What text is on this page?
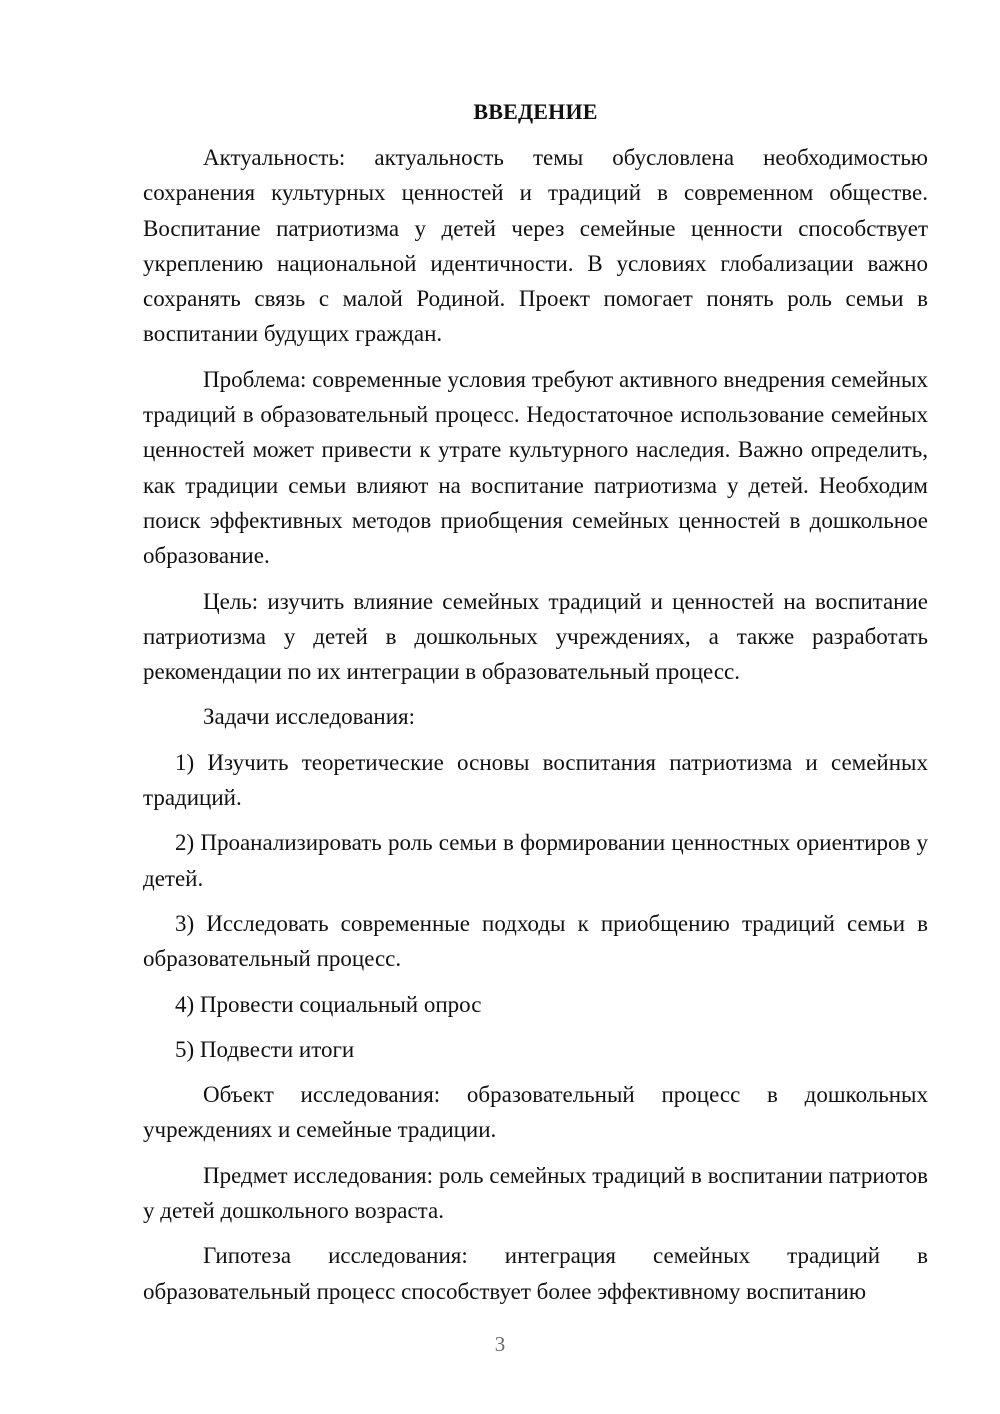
ВВЕДЕНИЕ

Актуальность: актуальность темы обусловлена необходимостью сохранения культурных ценностей и традиций в современном обществе. Воспитание патриотизма у детей через семейные ценности способствует укреплению национальной идентичности. В условиях глобализации важно сохранять связь с малой Родиной. Проект помогает понять роль семьи в воспитании будущих граждан.

Проблема: современные условия требуют активного внедрения семейных традиций в образовательный процесс. Недостаточное использование семейных ценностей может привести к утрате культурного наследия. Важно определить, как традиции семьи влияют на воспитание патриотизма у детей. Необходим поиск эффективных методов приобщения семейных ценностей в дошкольное образование.

Цель: изучить влияние семейных традиций и ценностей на воспитание патриотизма у детей в дошкольных учреждениях, а также разработать рекомендации по их интеграции в образовательный процесс.

Задачи исследования:

1) Изучить теоретические основы воспитания патриотизма и семейных традиций.

2) Проанализировать роль семьи в формировании ценностных ориентиров у детей.

3) Исследовать современные подходы к приобщению традиций семьи в образовательный процесс.

4) Провести социальный опрос

5) Подвести итоги

Объект исследования: образовательный процесс в дошкольных учреждениях и семейные традиции.

Предмет исследования: роль семейных традиций в воспитании патриотов у детей дошкольного возраста.

Гипотеза исследования: интеграция семейных традиций в образовательный процесс способствует более эффективному воспитанию

3
